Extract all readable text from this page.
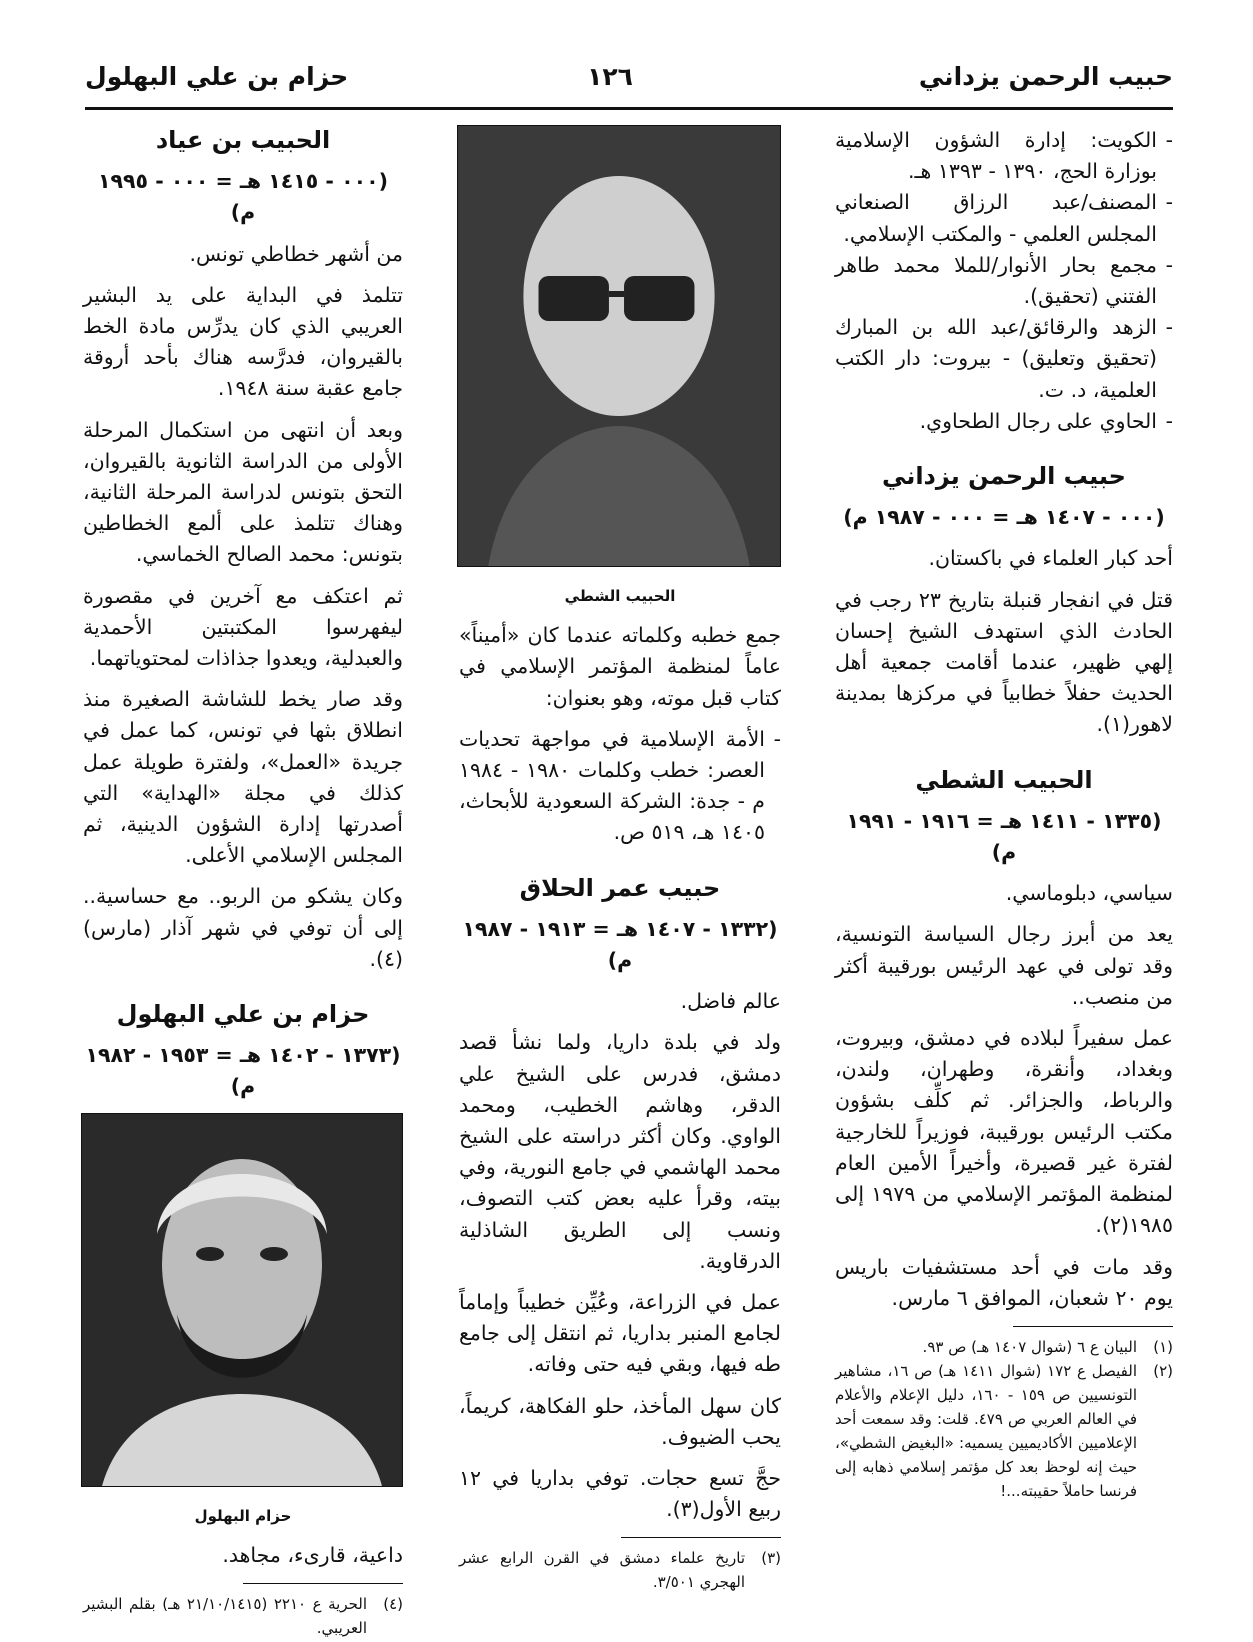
حبيب الرحمن يزداني
١٢٦
حزام بن علي البهلول
- الكويت: إدارة الشؤون الإسلامية بوزارة الحج، ١٣٩٠ - ١٣٩٣ هـ.
- المصنف/عبد الرزاق الصنعاني المجلس العلمي - والمكتب الإسلامي.
- مجمع بحار الأنوار/للملا محمد طاهر الفتني (تحقيق).
- الزهد والرقائق/عبد الله بن المبارك (تحقيق وتعليق) - بيروت: دار الكتب العلمية، د. ت.
- الحاوي على رجال الطحاوي.
حبيب الرحمن يزداني
(٠٠٠ - ١٤٠٧ هـ = ٠٠٠ - ١٩٨٧ م)

أحد كبار العلماء في باكستان.

قتل في انفجار قنبلة بتاريخ ٢٣ رجب في الحادث الذي استهدف الشيخ إحسان إلهي ظهير، عندما أقامت جمعية أهل الحديث حفلاً خطابياً في مركزها بمدينة لاهور(١).

الحبيب الشطي
(١٣٣٥ - ١٤١١ هـ = ١٩١٦ - ١٩٩١ م)

سياسي، دبلوماسي.

يعد من أبرز رجال السياسة التونسية، وقد تولى في عهد الرئيس بورقيبة أكثر من منصب..

عمل سفيراً لبلاده في دمشق، وبيروت، وبغداد، وأنقرة، وطهران، ولندن، والرباط، والجزائر. ثم كلِّف بشؤون مكتب الرئيس بورقيبة، فوزيراً للخارجية لفترة غير قصيرة، وأخيراً الأمين العام لمنظمة المؤتمر الإسلامي من ١٩٧٩ إلى ١٩٨٥(٢).

وقد مات في أحد مستشفيات باريس يوم ٢٠ شعبان، الموافق ٦ مارس.

(١)
البيان ع ٦ (شوال ١٤٠٧ هـ) ص ٩٣.
(٢)
الفيصل ع ١٧٢ (شوال ١٤١١ هـ) ص ١٦، مشاهير التونسيين ص ١٥٩ - ١٦٠، دليل الإعلام والأعلام في العالم العربي ص ٤٧٩. قلت: وقد سمعت أحد الإعلاميين الأكاديميين يسميه: «البغيض الشطي»، حيث إنه لوحظ بعد كل مؤتمر إسلامي ذهابه إلى فرنسا حاملاً حقيبته...!
الحبيب الشطي

جمع خطبه وكلماته عندما كان «أميناً» عاماً لمنظمة المؤتمر الإسلامي في كتاب قبل موته، وهو بعنوان:

- الأمة الإسلامية في مواجهة تحديات العصر: خطب وكلمات ١٩٨٠ - ١٩٨٤ م - جدة: الشركة السعودية للأبحاث، ١٤٠٥ هـ، ٥١٩ ص.
حبيب عمر الحلاق
(١٣٣٢ - ١٤٠٧ هـ = ١٩١٣ - ١٩٨٧ م)

عالم فاضل.

ولد في بلدة داريا، ولما نشأ قصد دمشق، فدرس على الشيخ علي الدقر، وهاشم الخطيب، ومحمد الواوي. وكان أكثر دراسته على الشيخ محمد الهاشمي في جامع النورية، وفي بيته، وقرأ عليه بعض كتب التصوف، ونسب إلى الطريق الشاذلية الدرقاوية.

عمل في الزراعة، وعُيِّن خطيباً وإماماً لجامع المنبر بداريا، ثم انتقل إلى جامع طه فيها، وبقي فيه حتى وفاته.

كان سهل المأخذ، حلو الفكاهة، كريماً، يحب الضيوف.

حجَّ تسع حجات. توفي بداريا في ١٢ ربيع الأول(٣).

(٣)
تاريخ علماء دمشق في القرن الرابع عشر الهجري ٣/٥٠١.
الحبيب بن عياد
(٠٠٠ - ١٤١٥ هـ = ٠٠٠ - ١٩٩٥ م)

من أشهر خطاطي تونس.

تتلمذ في البداية على يد البشير العريبي الذي كان يدرِّس مادة الخط بالقيروان، فدرَّسه هناك بأحد أروقة جامع عقبة سنة ١٩٤٨.

وبعد أن انتهى من استكمال المرحلة الأولى من الدراسة الثانوية بالقيروان، التحق بتونس لدراسة المرحلة الثانية، وهناك تتلمذ على ألمع الخطاطين بتونس: محمد الصالح الخماسي.

ثم اعتكف مع آخرين في مقصورة ليفهرسوا المكتبتين الأحمدية والعبدلية، ويعدوا جذاذات لمحتوياتهما.

وقد صار يخط للشاشة الصغيرة منذ انطلاق بثها في تونس، كما عمل في جريدة «العمل»، ولفترة طويلة عمل كذلك في مجلة «الهداية» التي أصدرتها إدارة الشؤون الدينية، ثم المجلس الإسلامي الأعلى.

وكان يشكو من الربو.. مع حساسية.. إلى أن توفي في شهر آذار (مارس)(٤).

حزام بن علي البهلول
(١٣٧٣ - ١٤٠٢ هـ = ١٩٥٣ - ١٩٨٢ م)
حزام البهلول

داعية، قارىء، مجاهد.

(٤)
الحرية ع ٢٢١٠ (٢١/١٠/١٤١٥ هـ) بقلم البشير العريبي.
